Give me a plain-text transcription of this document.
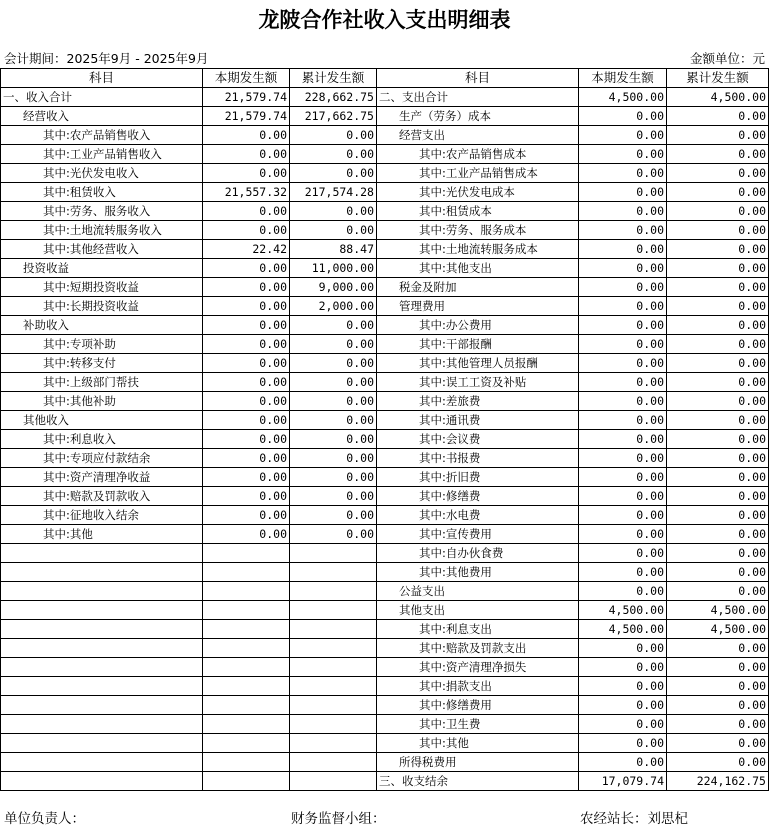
龙陂合作社收入支出明细表
会计期间：2025年9月 - 2025年9月	金额单位：元
科目	本期发生额	累计发生额	科目	本期发生额	累计发生额
一、收入合计	21,579.74	228,662.75	二、支出合计	4,500.00	4,500.00
经营收入	21,579.74	217,662.75	生产（劳务）成本	0.00	0.00
其中:农产品销售收入	0.00	0.00	经营支出	0.00	0.00
其中:工业产品销售收入	0.00	0.00	其中:农产品销售成本	0.00	0.00
其中:光伏发电收入	0.00	0.00	其中:工业产品销售成本	0.00	0.00
其中:租赁收入	21,557.32	217,574.28	其中:光伏发电成本	0.00	0.00
其中:劳务、服务收入	0.00	0.00	其中:租赁成本	0.00	0.00
其中:土地流转服务收入	0.00	0.00	其中:劳务、服务成本	0.00	0.00
其中:其他经营收入	22.42	88.47	其中:土地流转服务成本	0.00	0.00
投资收益	0.00	11,000.00	其中:其他支出	0.00	0.00
其中:短期投资收益	0.00	9,000.00	税金及附加	0.00	0.00
其中:长期投资收益	0.00	2,000.00	管理费用	0.00	0.00
补助收入	0.00	0.00	其中:办公费用	0.00	0.00
其中:专项补助	0.00	0.00	其中:干部报酬	0.00	0.00
其中:转移支付	0.00	0.00	其中:其他管理人员报酬	0.00	0.00
其中:上级部门帮扶	0.00	0.00	其中:误工工资及补贴	0.00	0.00
其中:其他补助	0.00	0.00	其中:差旅费	0.00	0.00
其他收入	0.00	0.00	其中:通讯费	0.00	0.00
其中:利息收入	0.00	0.00	其中:会议费	0.00	0.00
其中:专项应付款结余	0.00	0.00	其中:书报费	0.00	0.00
其中:资产清理净收益	0.00	0.00	其中:折旧费	0.00	0.00
其中:赔款及罚款收入	0.00	0.00	其中:修缮费	0.00	0.00
其中:征地收入结余	0.00	0.00	其中:水电费	0.00	0.00
其中:其他	0.00	0.00	其中:宣传费用	0.00	0.00
			其中:自办伙食费	0.00	0.00
			其中:其他费用	0.00	0.00
			公益支出	0.00	0.00
			其他支出	4,500.00	4,500.00
			其中:利息支出	4,500.00	4,500.00
			其中:赔款及罚款支出	0.00	0.00
			其中:资产清理净损失	0.00	0.00
			其中:捐款支出	0.00	0.00
			其中:修缮费用	0.00	0.00
			其中:卫生费	0.00	0.00
			其中:其他	0.00	0.00
			所得税费用	0.00	0.00
			三、收支结余	17,079.74	224,162.75
单位负责人：	财务监督小组：	农经站长：刘思杞
